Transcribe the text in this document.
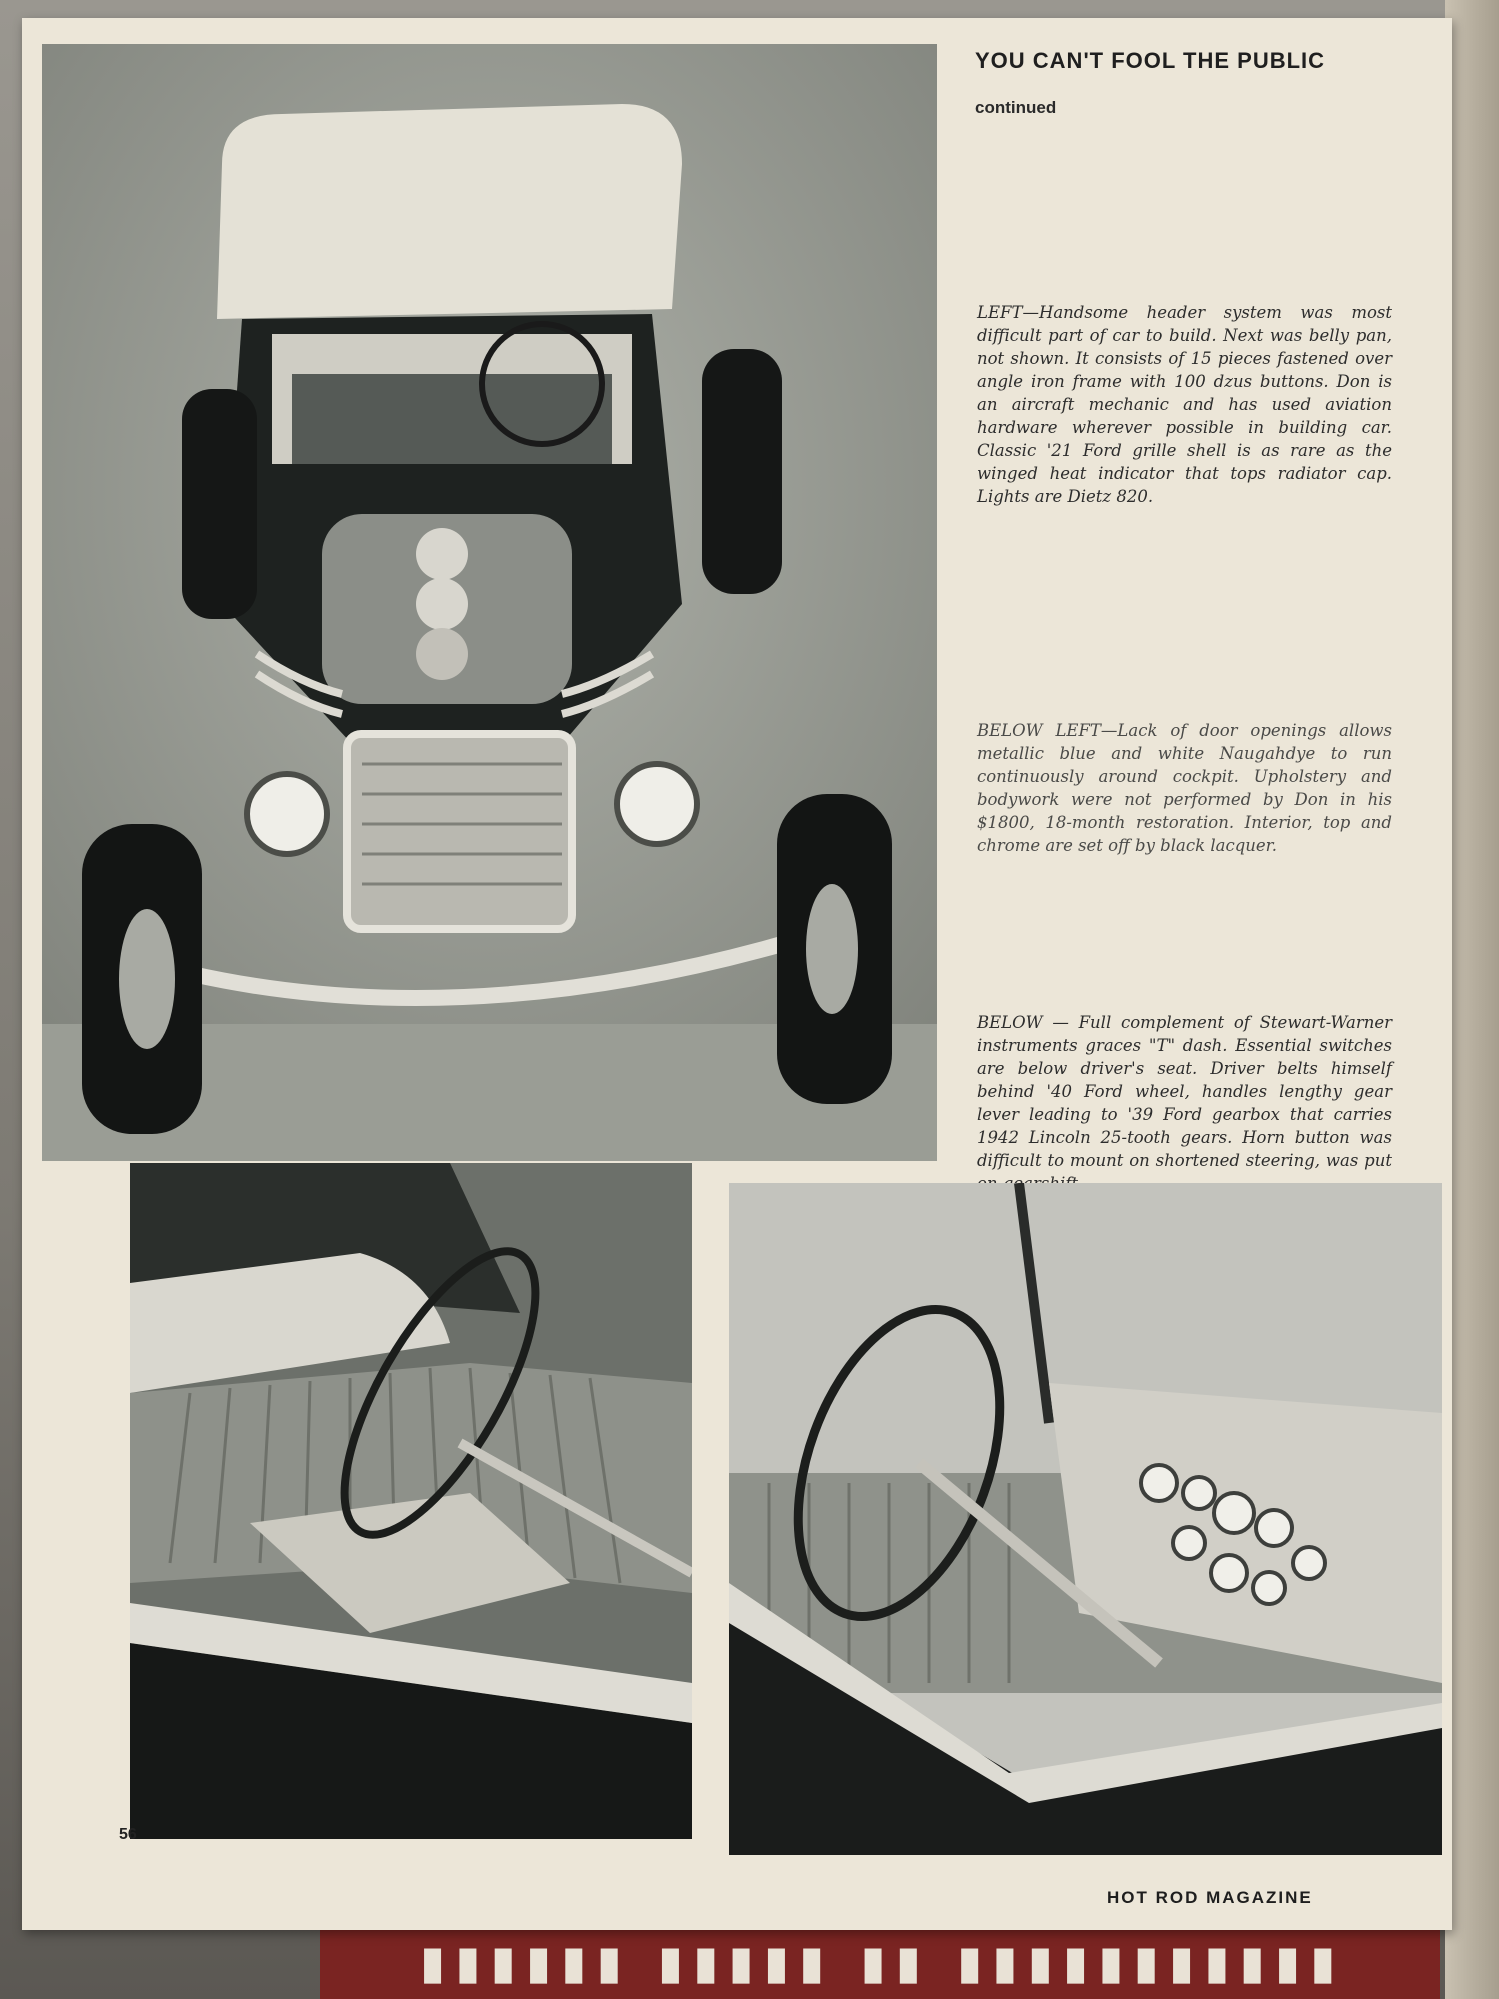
▮▮▮▮▮▮ ▮▮▮▮▮ ▮▮ ▮▮▮▮▮▮▮▮▮▮▮
YOU CAN'T FOOL THE PUBLIC
continued

LEFT—Handsome header system was most difficult part of car to build. Next was belly pan, not shown. It consists of 15 pieces fastened over angle iron frame with 100 dzus buttons. Don is an aircraft mechanic and has used aviation hardware wherever possible in building car. Classic '21 Ford grille shell is as rare as the winged heat indicator that tops radiator cap. Lights are Dietz 820.

BELOW LEFT—Lack of door openings allows metallic blue and white Naugahdye to run continuously around cockpit. Upholstery and bodywork were not performed by Don in his $1800, 18-month restoration. Interior, top and chrome are set off by black lacquer.

BELOW — Full complement of Stewart-Warner instruments graces "T" dash. Essential switches are below driver's seat. Driver belts himself behind '40 Ford wheel, handles lengthy gear lever leading to '39 Ford gearbox that carries 1942 Lincoln 25-tooth gears. Horn button was difficult to mount on shortened steering, was put

56
HOT ROD MAGAZINE
